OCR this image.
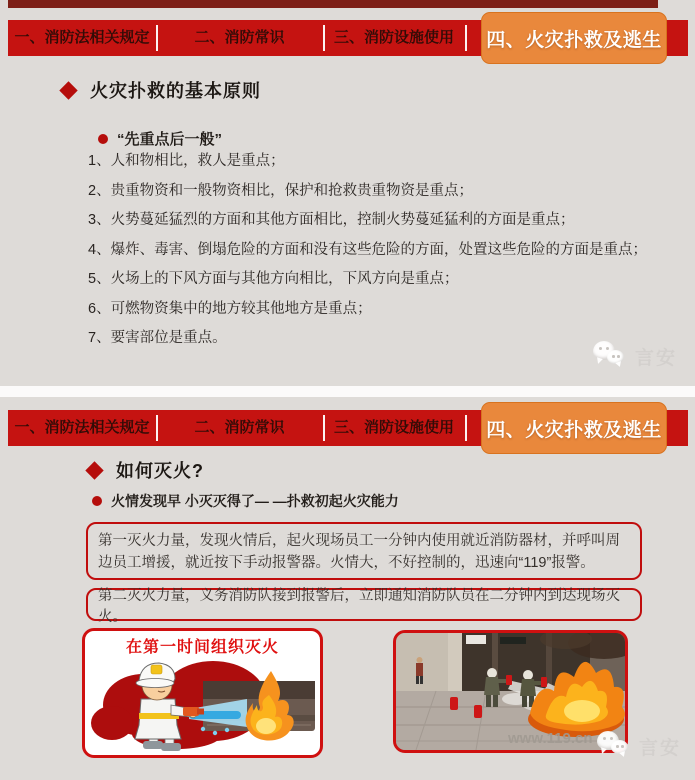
一、消防法相关规定	二、消防常识	三、消防设施使用	四、火灾扑救及逃生
火灾扑救的基本原则
“先重点后一般”
1、人和物相比，救人是重点；
2、贵重物资和一般物资相比，保护和抢救贵重物资是重点；
3、火势蔓延猛烈的方面和其他方面相比，控制火势蔓延猛利的方面是重点；
4、爆炸、毒害、倒塌危险的方面和没有这些危险的方面，处置这些危险的方面是重点；
5、火场上的下风方面与其他方向相比，下风方向是重点；
6、可燃物资集中的地方较其他地方是重点；
7、要害部位是重点。
言安
一、消防法相关规定	二、消防常识	三、消防设施使用	四、火灾扑救及逃生
如何灭火?
火情发现早 小灭灭得了— —扑救初起火灾能力
第一灭火力量，发现火情后，起火现场员工一分钟内使用就近消防器材，并呼叫周边员工增援，就近按下手动报警器。火情大，不好控制的，迅速向“119”报警。
第二灭火力量，义务消防队接到报警后，立即通知消防队员在二分钟内到达现场灭火。
在第一时间组织灭火
www.119.cn 言安
